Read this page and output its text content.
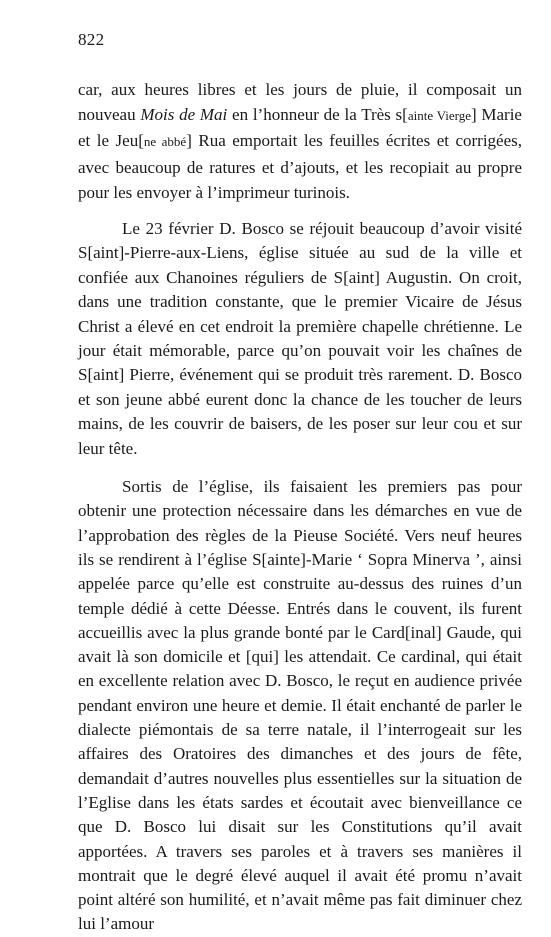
822

car, aux heures libres et les jours de pluie, il composait un nouveau Mois de Mai en l’honneur de la Très s[ainte Vierge] Marie et le Jeu[ne abbé] Rua emportait les feuilles écrites et corrigées, avec beaucoup de ratures et d’ajouts, et les recopiait au propre pour les envoyer à l’imprimeur turinois.

Le 23 février D. Bosco se réjouit beaucoup d’avoir visité S[aint]-Pierre-aux-Liens, église située au sud de la ville et confiée aux Chanoines réguliers de S[aint] Augustin. On croit, dans une tradition constante, que le premier Vicaire de Jésus Christ a élevé en cet endroit la première chapelle chrétienne. Le jour était mémorable, parce qu’on pouvait voir les chaînes de S[aint] Pierre, événement qui se produit très rarement. D. Bosco et son jeune abbé eurent donc la chance de les toucher de leurs mains, de les couvrir de baisers, de les poser sur leur cou et sur leur tête.

Sortis de l’église, ils faisaient les premiers pas pour obtenir une protection nécessaire dans les démarches en vue de l’approbation des règles de la Pieuse Société. Vers neuf heures ils se rendirent à l’église S[ainte]-Marie ‘ Sopra Minerva ’, ainsi appelée parce qu’elle est construite au-dessus des ruines d’un temple dédié à cette Déesse. Entrés dans le couvent, ils furent accueillis avec la plus grande bonté par le Card[inal] Gaude, qui avait là son domicile et [qui] les attendait. Ce cardinal, qui était en excellente relation avec D. Bosco, le reçut en audience privée pendant environ une heure et demie. Il était enchanté de parler le dialecte piémontais de sa terre natale, il l’interrogeait sur les affaires des Oratoires des dimanches et des jours de fête, demandait d’autres nouvelles plus essentielles sur la situation de l’Eglise dans les états sardes et écoutait avec bienveillance ce que D. Bosco lui disait sur les Constitutions qu’il avait apportées. A travers ses paroles et à travers ses manières il montrait que le degré élevé auquel il avait été promu n’avait point altéré son humilité, et n’avait même pas fait diminuer chez lui l’amour
